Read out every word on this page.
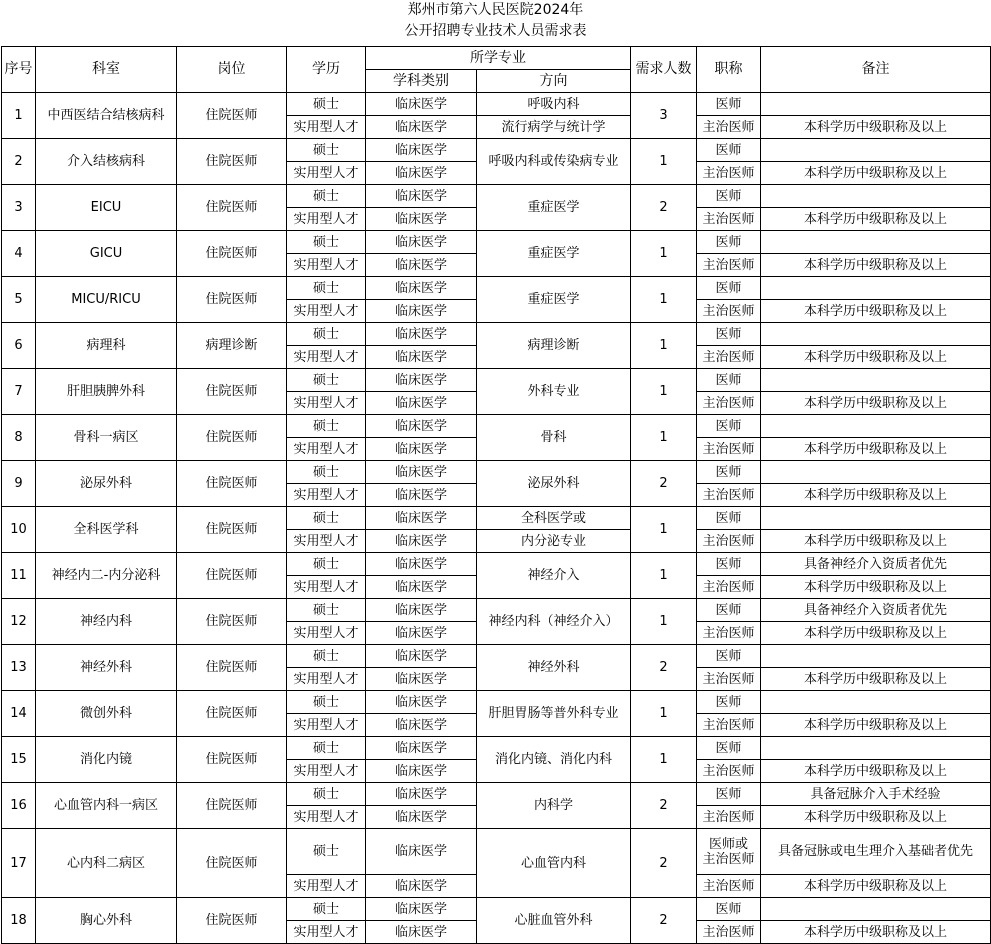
郑州市第六人民医院2024年
公开招聘专业技术人员需求表
序号	科室	岗位	学历	所学专业		需求人数	职称	备注
				学科类别	方向			
1	中西医结合结核病科	住院医师	硕士	临床医学	呼吸内科	3	医师	
			实用型人才	临床医学	流行病学与统计学		主治医师	本科学历中级职称及以上
2	介入结核病科	住院医师	硕士	临床医学	呼吸内科或传染病专业	1	医师	
			实用型人才	临床医学			主治医师	本科学历中级职称及以上
3	EICU	住院医师	硕士	临床医学	重症医学	2	医师	
			实用型人才	临床医学			主治医师	本科学历中级职称及以上
4	GICU	住院医师	硕士	临床医学	重症医学	1	医师	
			实用型人才	临床医学			主治医师	本科学历中级职称及以上
5	MICU/RICU	住院医师	硕士	临床医学	重症医学	1	医师	
			实用型人才	临床医学			主治医师	本科学历中级职称及以上
6	病理科	病理诊断	硕士	临床医学	病理诊断	1	医师	
			实用型人才	临床医学			主治医师	本科学历中级职称及以上
7	肝胆胰脾外科	住院医师	硕士	临床医学	外科专业	1	医师	
			实用型人才	临床医学			主治医师	本科学历中级职称及以上
8	骨科一病区	住院医师	硕士	临床医学	骨科	1	医师	
			实用型人才	临床医学			主治医师	本科学历中级职称及以上
9	泌尿外科	住院医师	硕士	临床医学	泌尿外科	2	医师	
			实用型人才	临床医学			主治医师	本科学历中级职称及以上
10	全科医学科	住院医师	硕士	临床医学	全科医学或	1	医师	
			实用型人才	临床医学	内分泌专业		主治医师	本科学历中级职称及以上
11	神经内二-内分泌科	住院医师	硕士	临床医学	神经介入	1	医师	具备神经介入资质者优先
			实用型人才	临床医学			主治医师	本科学历中级职称及以上
12	神经内科	住院医师	硕士	临床医学	神经内科（神经介入）	1	医师	具备神经介入资质者优先
			实用型人才	临床医学			主治医师	本科学历中级职称及以上
13	神经外科	住院医师	硕士	临床医学	神经外科	2	医师	
			实用型人才	临床医学			主治医师	本科学历中级职称及以上
14	微创外科	住院医师	硕士	临床医学	肝胆胃肠等普外科专业	1	医师	
			实用型人才	临床医学			主治医师	本科学历中级职称及以上
15	消化内镜	住院医师	硕士	临床医学	消化内镜、消化内科	1	医师	
			实用型人才	临床医学			主治医师	本科学历中级职称及以上
16	心血管内科一病区	住院医师	硕士	临床医学	内科学	2	医师	具备冠脉介入手术经验
			实用型人才	临床医学			主治医师	本科学历中级职称及以上
17	心内科二病区	住院医师	硕士	临床医学	心血管内科	2	医师或
主治医师	具备冠脉或电生理介入基础者优先
			实用型人才	临床医学			主治医师	本科学历中级职称及以上
18	胸心外科	住院医师	硕士	临床医学	心脏血管外科	2	医师	
			实用型人才	临床医学			主治医师	本科学历中级职称及以上
